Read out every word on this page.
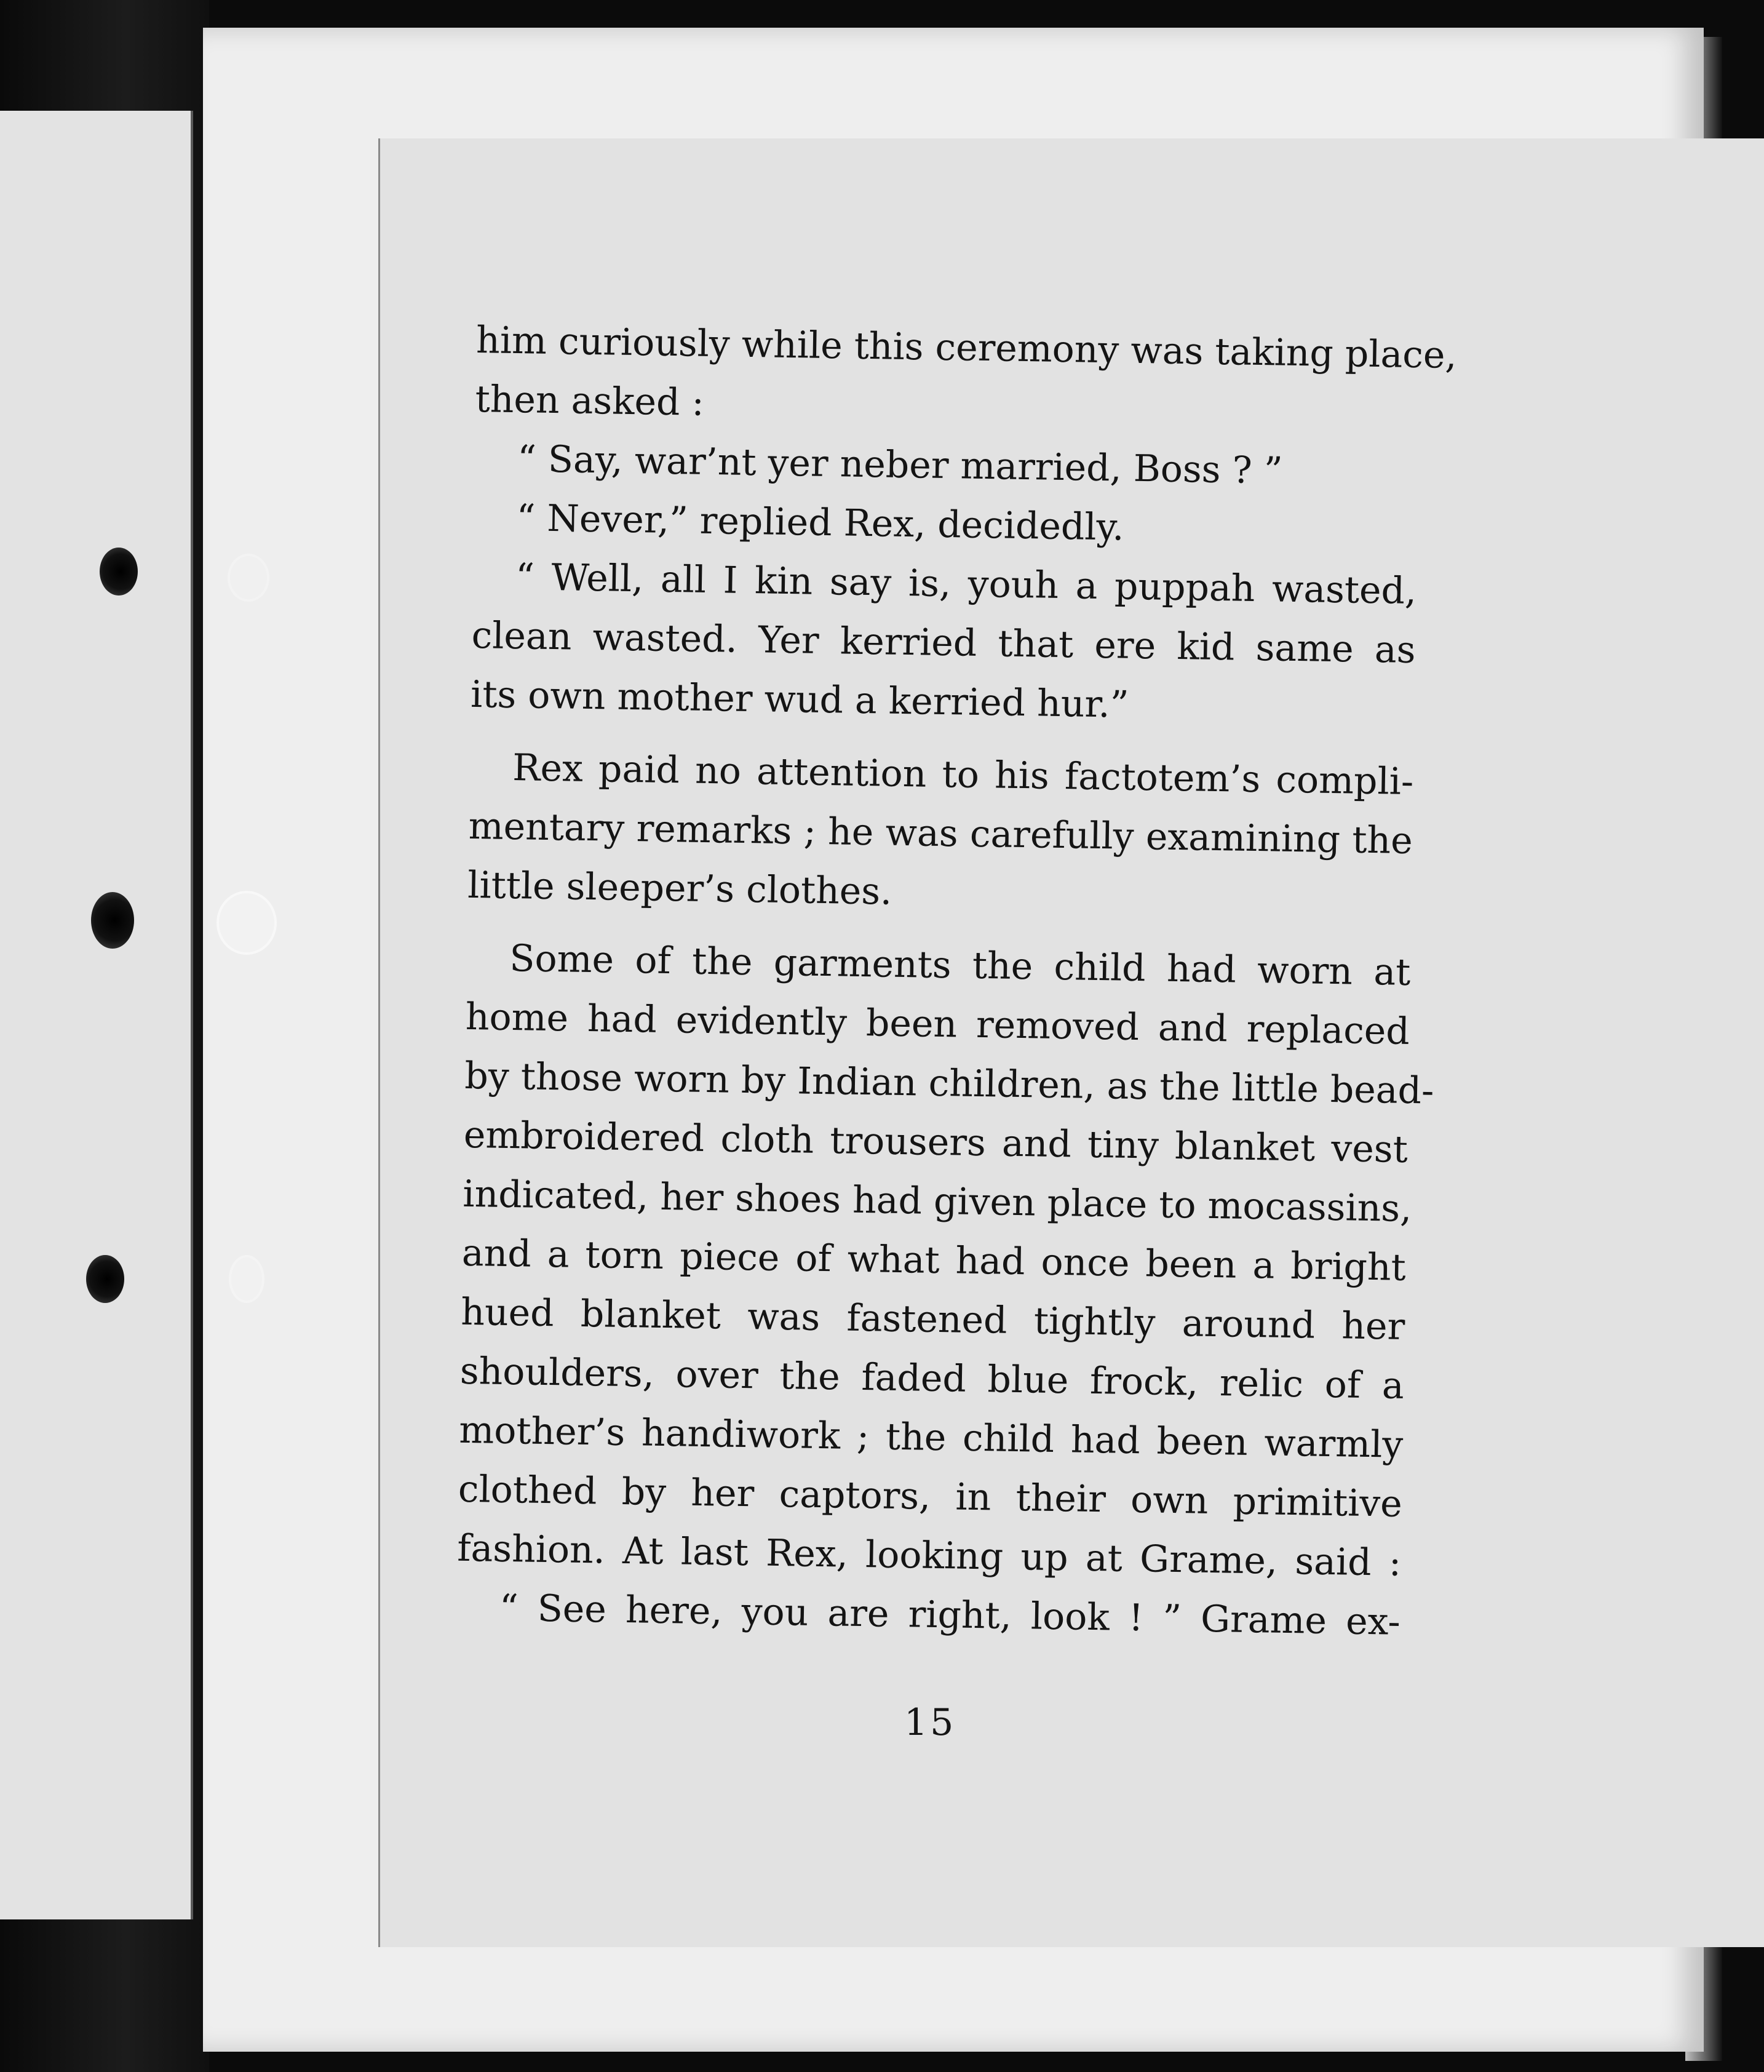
him curiously while this ceremony was taking place,
then asked :
“ Say, war’nt yer neber married, Boss ? ”
“ Never,” replied Rex, decidedly.
“ Well, all I kin say is, youh a puppah wasted,
clean wasted. Yer kerried that ere kid same as
its own mother wud a kerried hur.”
Rex paid no attention to his factotem’s compli-
mentary remarks ; he was carefully examining the
little sleeper’s clothes.
Some of the garments the child had worn at
home had evidently been removed and replaced
by those worn by Indian children, as the little bead-
embroidered cloth trousers and tiny blanket vest
indicated, her shoes had given place to mocassins,
and a torn piece of what had once been a bright
hued blanket was fastened tightly around her
shoulders, over the faded blue frock, relic of a
mother’s handiwork ; the child had been warmly
clothed by her captors, in their own primitive
fashion. At last Rex, looking up at Grame, said :
“ See here, you are right, look ! ” Grame ex-
15
